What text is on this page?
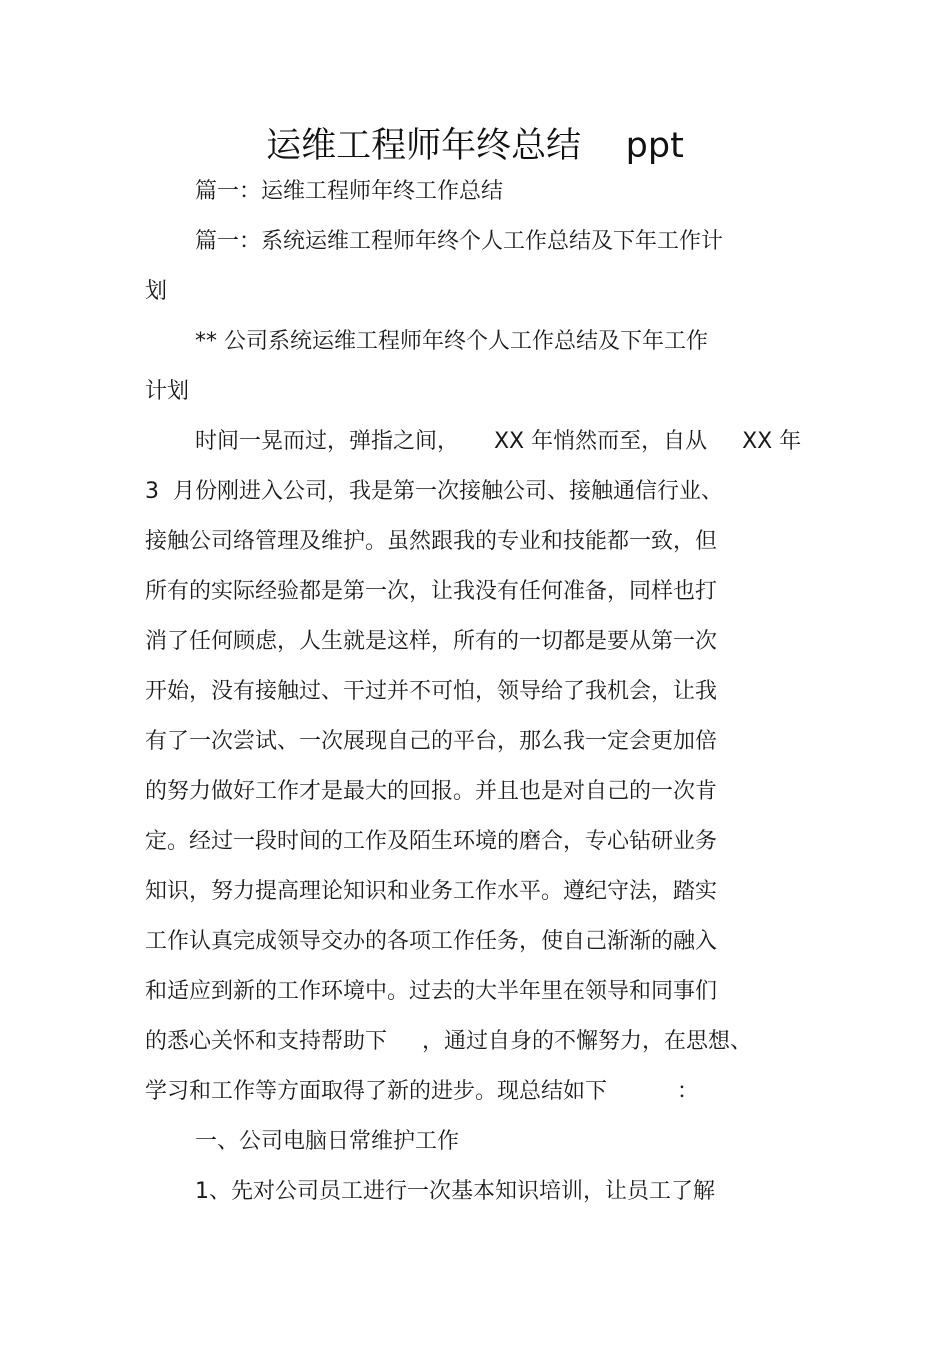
运维工程师年终总结    ppt
篇一：运维工程师年终工作总结
篇一：系统运维工程师年终个人工作总结及下年工作计
划
** 公司系统运维工程师年终个人工作总结及下年工作
计划
时间一晃而过，弹指之间，     XX 年悄然而至，自从     XX 年
3  月份刚进入公司，我是第一次接触公司、接触通信行业、
接触公司络管理及维护。虽然跟我的专业和技能都一致，但
所有的实际经验都是第一次，让我没有任何准备，同样也打
消了任何顾虑，人生就是这样，所有的一切都是要从第一次
开始，没有接触过、干过并不可怕，领导给了我机会，让我
有了一次尝试、一次展现自己的平台，那么我一定会更加倍
的努力做好工作才是最大的回报。并且也是对自己的一次肯
定。经过一段时间的工作及陌生环境的磨合，专心钻研业务
知识，努力提高理论知识和业务工作水平。遵纪守法，踏实
工作认真完成领导交办的各项工作任务，使自己渐渐的融入
和适应到新的工作环境中。过去的大半年里在领导和同事们
的悉心关怀和支持帮助下     ，通过自身的不懈努力，在思想、
学习和工作等方面取得了新的进步。现总结如下          ：
一、公司电脑日常维护工作
1、先对公司员工进行一次基本知识培训，让员工了解
